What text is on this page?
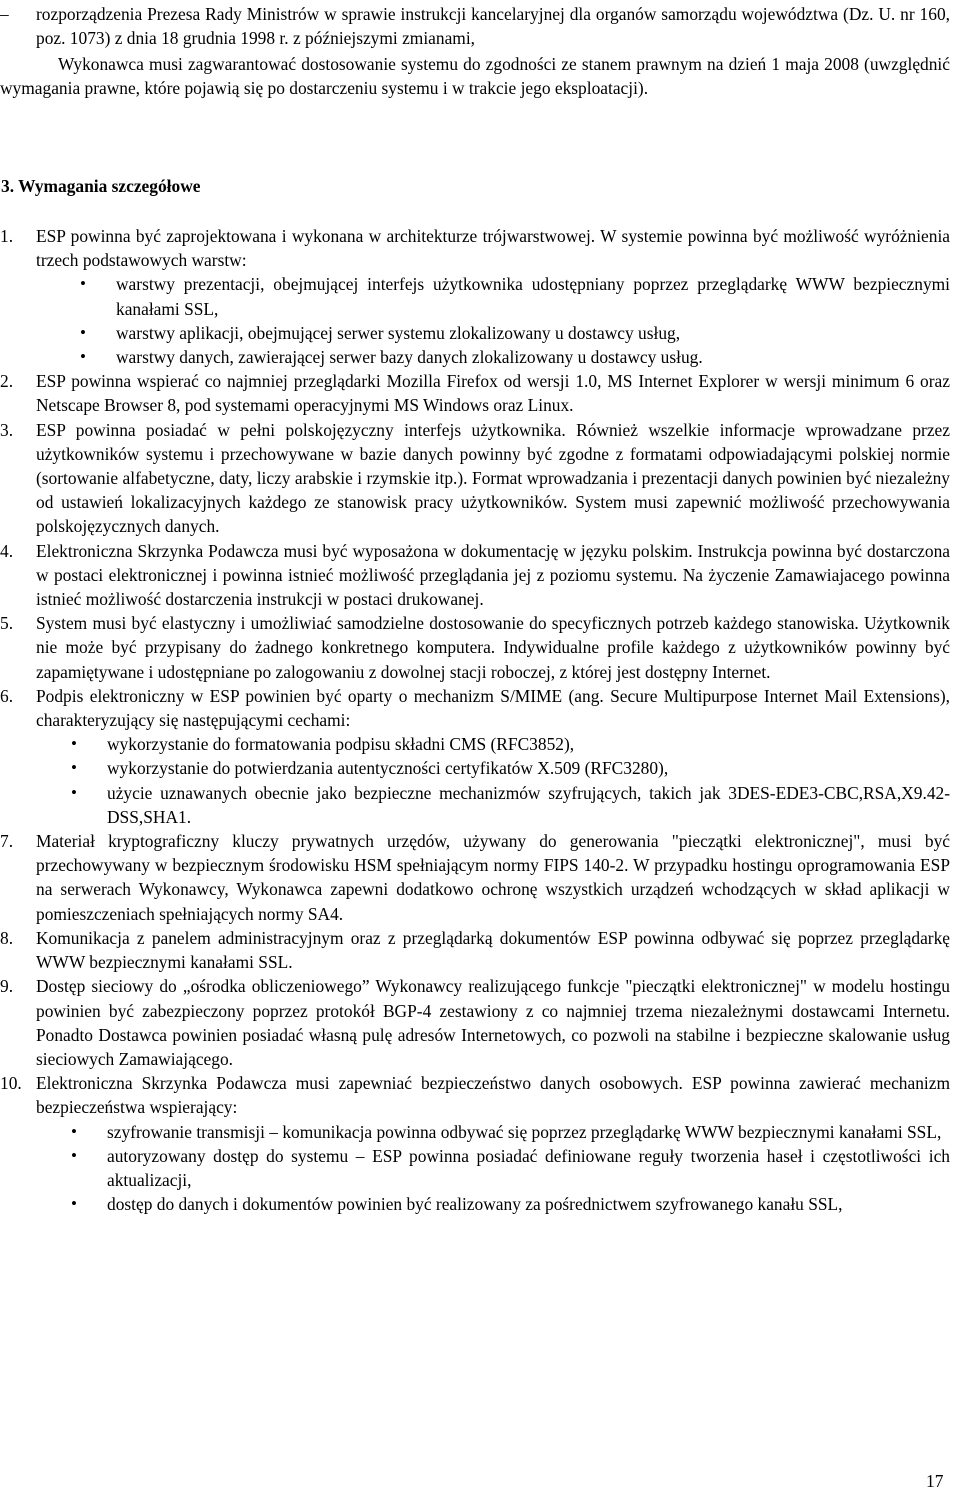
– rozporządzenia Prezesa Rady Ministrów w sprawie instrukcji kancelaryjnej dla organów samorządu województwa (Dz. U. nr 160, poz. 1073) z dnia 18 grudnia 1998 r. z późniejszymi zmianami,

Wykonawca musi zagwarantować dostosowanie systemu do zgodności ze stanem prawnym na dzień 1 maja 2008 (uwzględnić wymagania prawne, które pojawią się po dostarczeniu systemu i w trakcie jego eksploatacji).

3. Wymagania szczegółowe
1. ESP powinna być zaprojektowana i wykonana w architekturze trójwarstwowej. W systemie powinna być możliwość wyróżnienia trzech podstawowych warstw:

• warstwy prezentacji, obejmującej interfejs użytkownika udostępniany poprzez przeglądarkę WWW bezpiecznymi kanałami SSL,

• warstwy aplikacji, obejmującej serwer systemu zlokalizowany u dostawcy usług,

• warstwy danych, zawierającej serwer bazy danych zlokalizowany u dostawcy usług.

2. ESP powinna wspierać co najmniej przeglądarki Mozilla Firefox od wersji 1.0, MS Internet Explorer w wersji minimum 6 oraz Netscape Browser 8, pod systemami operacyjnymi MS Windows oraz Linux.

3. ESP powinna posiadać w pełni polskojęzyczny interfejs użytkownika. Również wszelkie informacje wprowadzane przez użytkowników systemu i przechowywane w bazie danych powinny być zgodne z formatami odpowiadającymi polskiej normie (sortowanie alfabetyczne, daty, liczy arabskie i rzymskie itp.). Format wprowadzania i prezentacji danych powinien być niezależny od ustawień lokalizacyjnych każdego ze stanowisk pracy użytkowników. System musi zapewnić możliwość przechowywania polskojęzycznych danych.

4. Elektroniczna Skrzynka Podawcza musi być wyposażona w dokumentację w języku polskim. Instrukcja powinna być dostarczona w postaci elektronicznej i powinna istnieć możliwość przeglądania jej z poziomu systemu. Na życzenie Zamawiajacego powinna istnieć możliwość dostarczenia instrukcji w postaci drukowanej.

5. System musi być elastyczny i umożliwiać samodzielne dostosowanie do specyficznych potrzeb każdego stanowiska. Użytkownik nie może być przypisany do żadnego konkretnego komputera. Indywidualne profile każdego z użytkowników powinny być zapamiętywane i udostępniane po zalogowaniu z dowolnej stacji roboczej, z której jest dostępny Internet.

6. Podpis elektroniczny w ESP powinien być oparty o mechanizm S/MIME (ang. Secure Multipurpose Internet Mail Extensions), charakteryzujący się następującymi cechami:

• wykorzystanie do formatowania podpisu składni CMS (RFC3852),

• wykorzystanie do potwierdzania autentyczności certyfikatów X.509 (RFC3280),

• użycie uznawanych obecnie jako bezpieczne mechanizmów szyfrujących, takich jak 3DES-EDE3-CBC,RSA,X9.42-DSS,SHA1.

7. Materiał kryptograficzny kluczy prywatnych urzędów, używany do generowania "pieczątki elektronicznej", musi być przechowywany w bezpiecznym środowisku HSM spełniającym normy FIPS 140-2. W przypadku hostingu oprogramowania ESP na serwerach Wykonawcy, Wykonawca zapewni dodatkowo ochronę wszystkich urządzeń wchodzących w skład aplikacji w pomieszczeniach spełniających normy SA4.

8. Komunikacja z panelem administracyjnym oraz z przeglądarką dokumentów ESP powinna odbywać się poprzez przeglądarkę WWW bezpiecznymi kanałami SSL.

9. Dostęp sieciowy do „ośrodka obliczeniowego” Wykonawcy realizującego funkcje "pieczątki elektronicznej" w modelu hostingu powinien być zabezpieczony poprzez protokół BGP-4 zestawiony z co najmniej trzema niezależnymi dostawcami Internetu. Ponadto Dostawca powinien posiadać własną pulę adresów Internetowych, co pozwoli na stabilne i bezpieczne skalowanie usług sieciowych Zamawiającego.

10. Elektroniczna Skrzynka Podawcza musi zapewniać bezpieczeństwo danych osobowych. ESP powinna zawierać mechanizm bezpieczeństwa wspierający:

• szyfrowanie transmisji – komunikacja powinna odbywać się poprzez przeglądarkę WWW bezpiecznymi kanałami SSL,

• autoryzowany dostęp do systemu – ESP powinna posiadać definiowane reguły tworzenia haseł i częstotliwości ich aktualizacji,

• dostęp do danych i dokumentów powinien być realizowany za pośrednictwem szyfrowanego kanału SSL,

17
